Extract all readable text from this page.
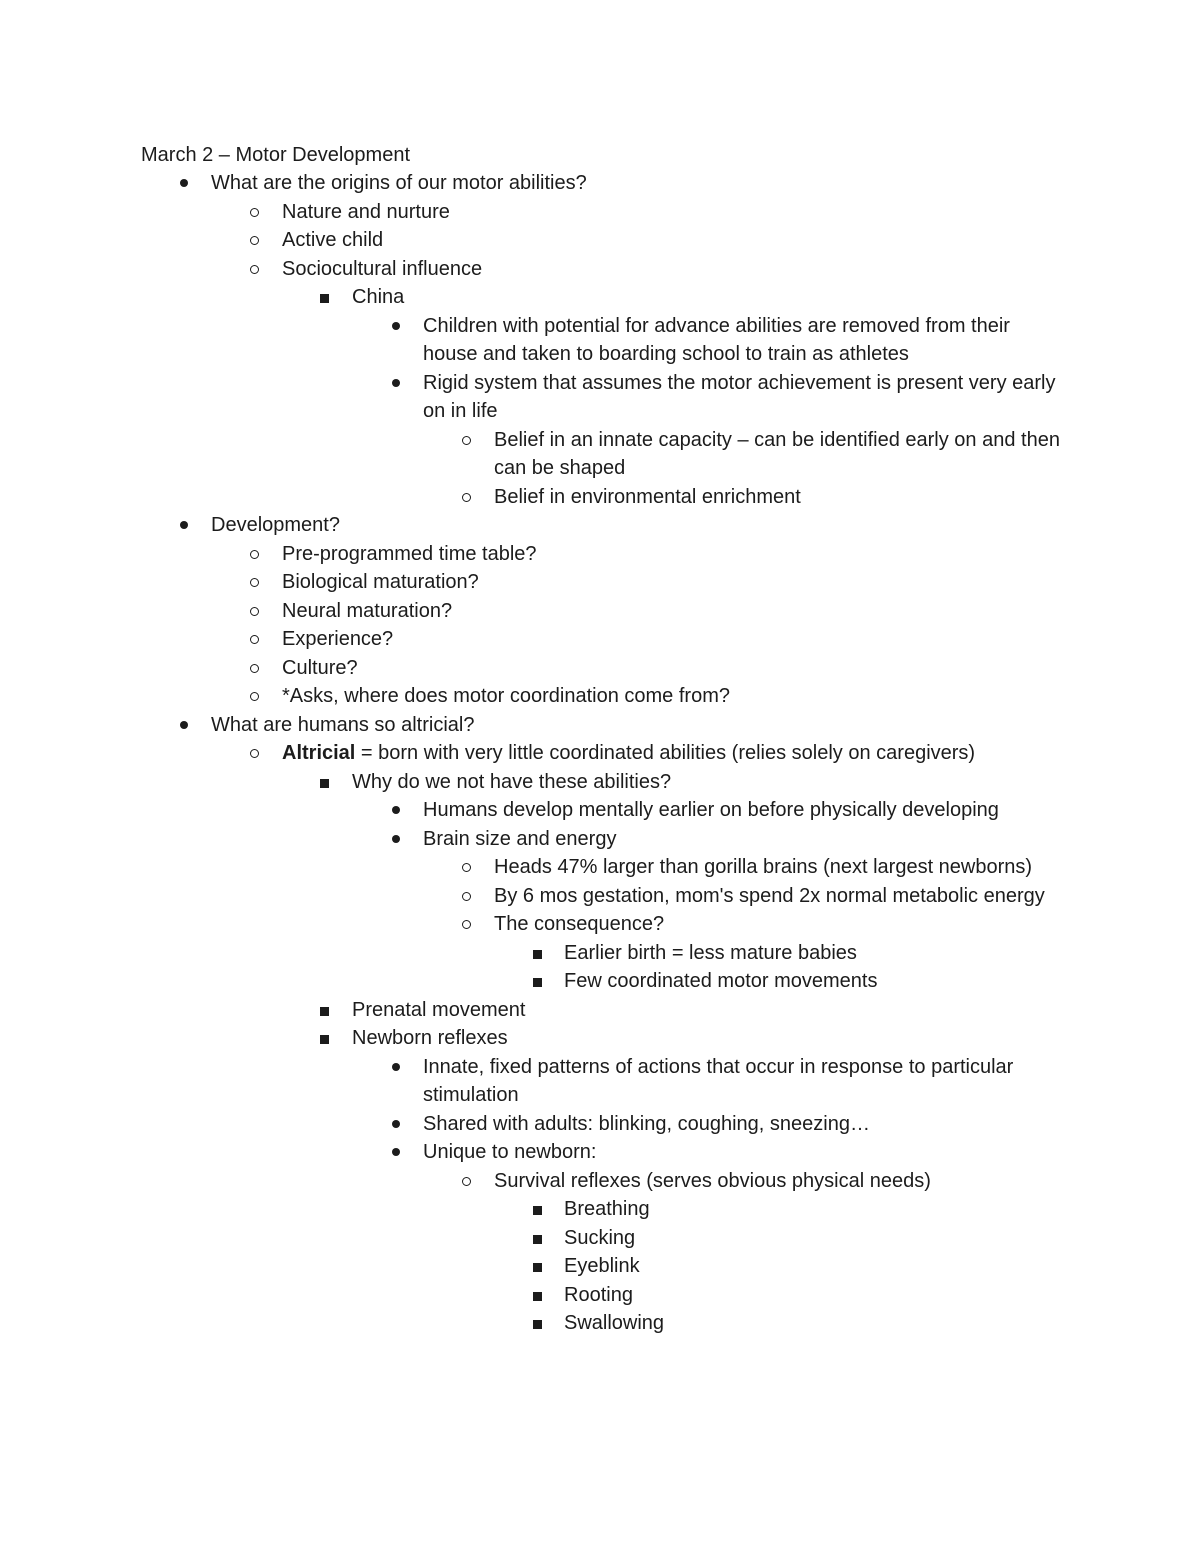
March 2 – Motor Development
What are the origins of our motor abilities?
Nature and nurture
Active child
Sociocultural influence
China
Children with potential for advance abilities are removed from their house and taken to boarding school to train as athletes
Rigid system that assumes the motor achievement is present very early on in life
Belief in an innate capacity – can be identified early on and then can be shaped
Belief in environmental enrichment
Development?
Pre-programmed time table?
Biological maturation?
Neural maturation?
Experience?
Culture?
*Asks, where does motor coordination come from?
What are humans so altricial?
Altricial = born with very little coordinated abilities (relies solely on caregivers)
Why do we not have these abilities?
Humans develop mentally earlier on before physically developing
Brain size and energy
Heads 47% larger than gorilla brains (next largest newborns)
By 6 mos gestation, mom's spend 2x normal metabolic energy
The consequence?
Earlier birth = less mature babies
Few coordinated motor movements
Prenatal movement
Newborn reflexes
Innate, fixed patterns of actions that occur in response to particular stimulation
Shared with adults: blinking, coughing, sneezing…
Unique to newborn:
Survival reflexes (serves obvious physical needs)
Breathing
Sucking
Eyeblink
Rooting
Swallowing
